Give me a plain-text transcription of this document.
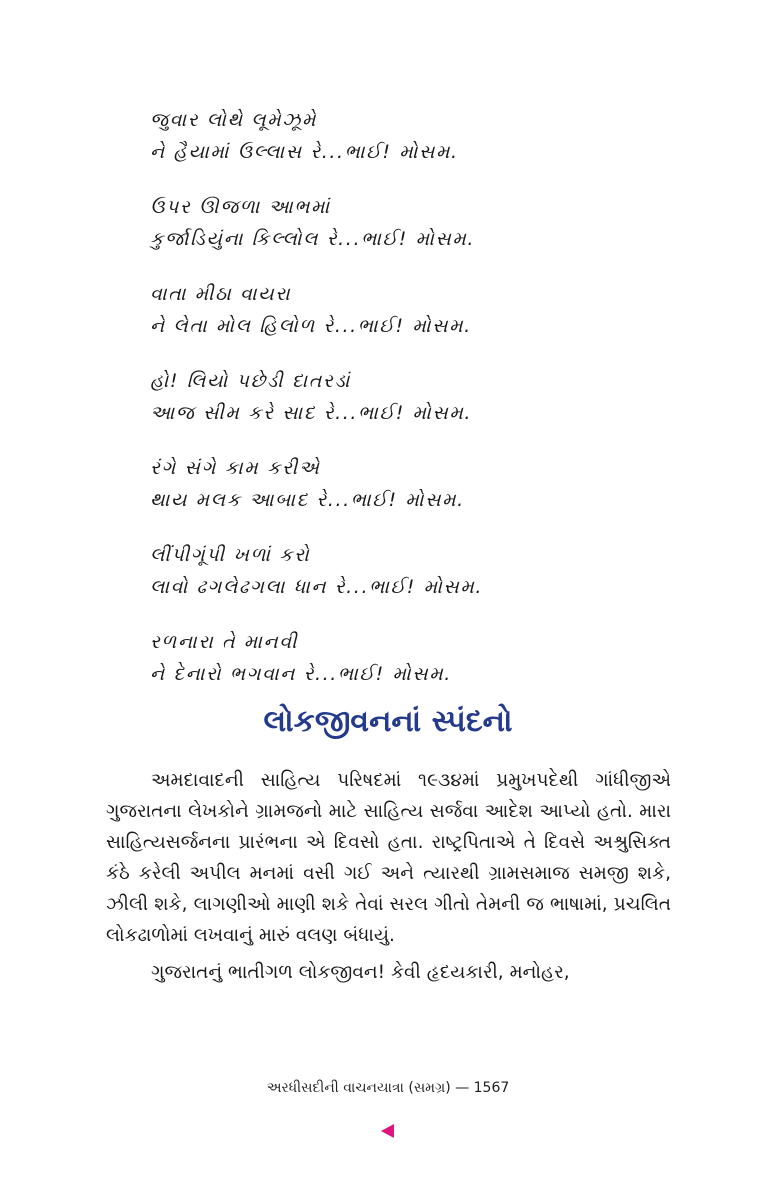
જુવાર લોથે લૂમેઝૂમે
ને હૈયામાં ઉલ્લાસ રે...ભાઈ! મોસમ.
ઉપર ઊજળા આભમાં
કુર્જાડિયુંના કિલ્લોલ રે...ભાઈ! મોસમ.
વાતા મીઠા વાયરા
ને લેતા મોલ હિલોળ રે...ભાઈ! મોસમ.
હો! લિયો પછેડી દાતરડાં
આજ સીમ કરે સાદ રે...ભાઈ! મોસમ.
રંગે સંગે કામ કરીએ
થાય મલક આબાદ રે...ભાઈ! મોસમ.
લીંપીગૂંપી ખળાં કરો
લાવો ઢગલેઢગલા ધાન રે...ભાઈ! મોસમ.
રળનારા તે માનવી
ને દેનારો ભગવાન રે...ભાઈ! મોસમ.
લોકજીવનનાં સ્પંદનો

અમદાવાદની સાહિત્ય પરિષદમાં ૧૯૩૪માં પ્રમુખપદેથી ગાંધીજીએ ગુજરાતના લેખકોને ગ્રામજનો માટે સાહિત્ય સર્જવા આદેશ આપ્યો હતો. મારા સાહિત્યસર્જનના પ્રારંભના એ દિવસો હતા. રાષ્ટ્રપિતાએ તે દિવસે અશ્રુસિક્ત કંઠે કરેલી અપીલ મનમાં વસી ગઈ અને ત્યારથી ગ્રામસમાજ સમજી શકે, ઝીલી શકે, લાગણીઓ માણી શકે તેવાં સરલ ગીતો તેમની જ ભાષામાં, પ્રચલિત લોકઢાળોમાં લખવાનું મારું વલણ બંધાયું.

ગુજરાતનું ભાતીગળ લોકજીવન! કેવી હૃદયકારી, મનોહર,

અરધીસદીની વાચનયાત્રા (સમગ્ર) — 1567
